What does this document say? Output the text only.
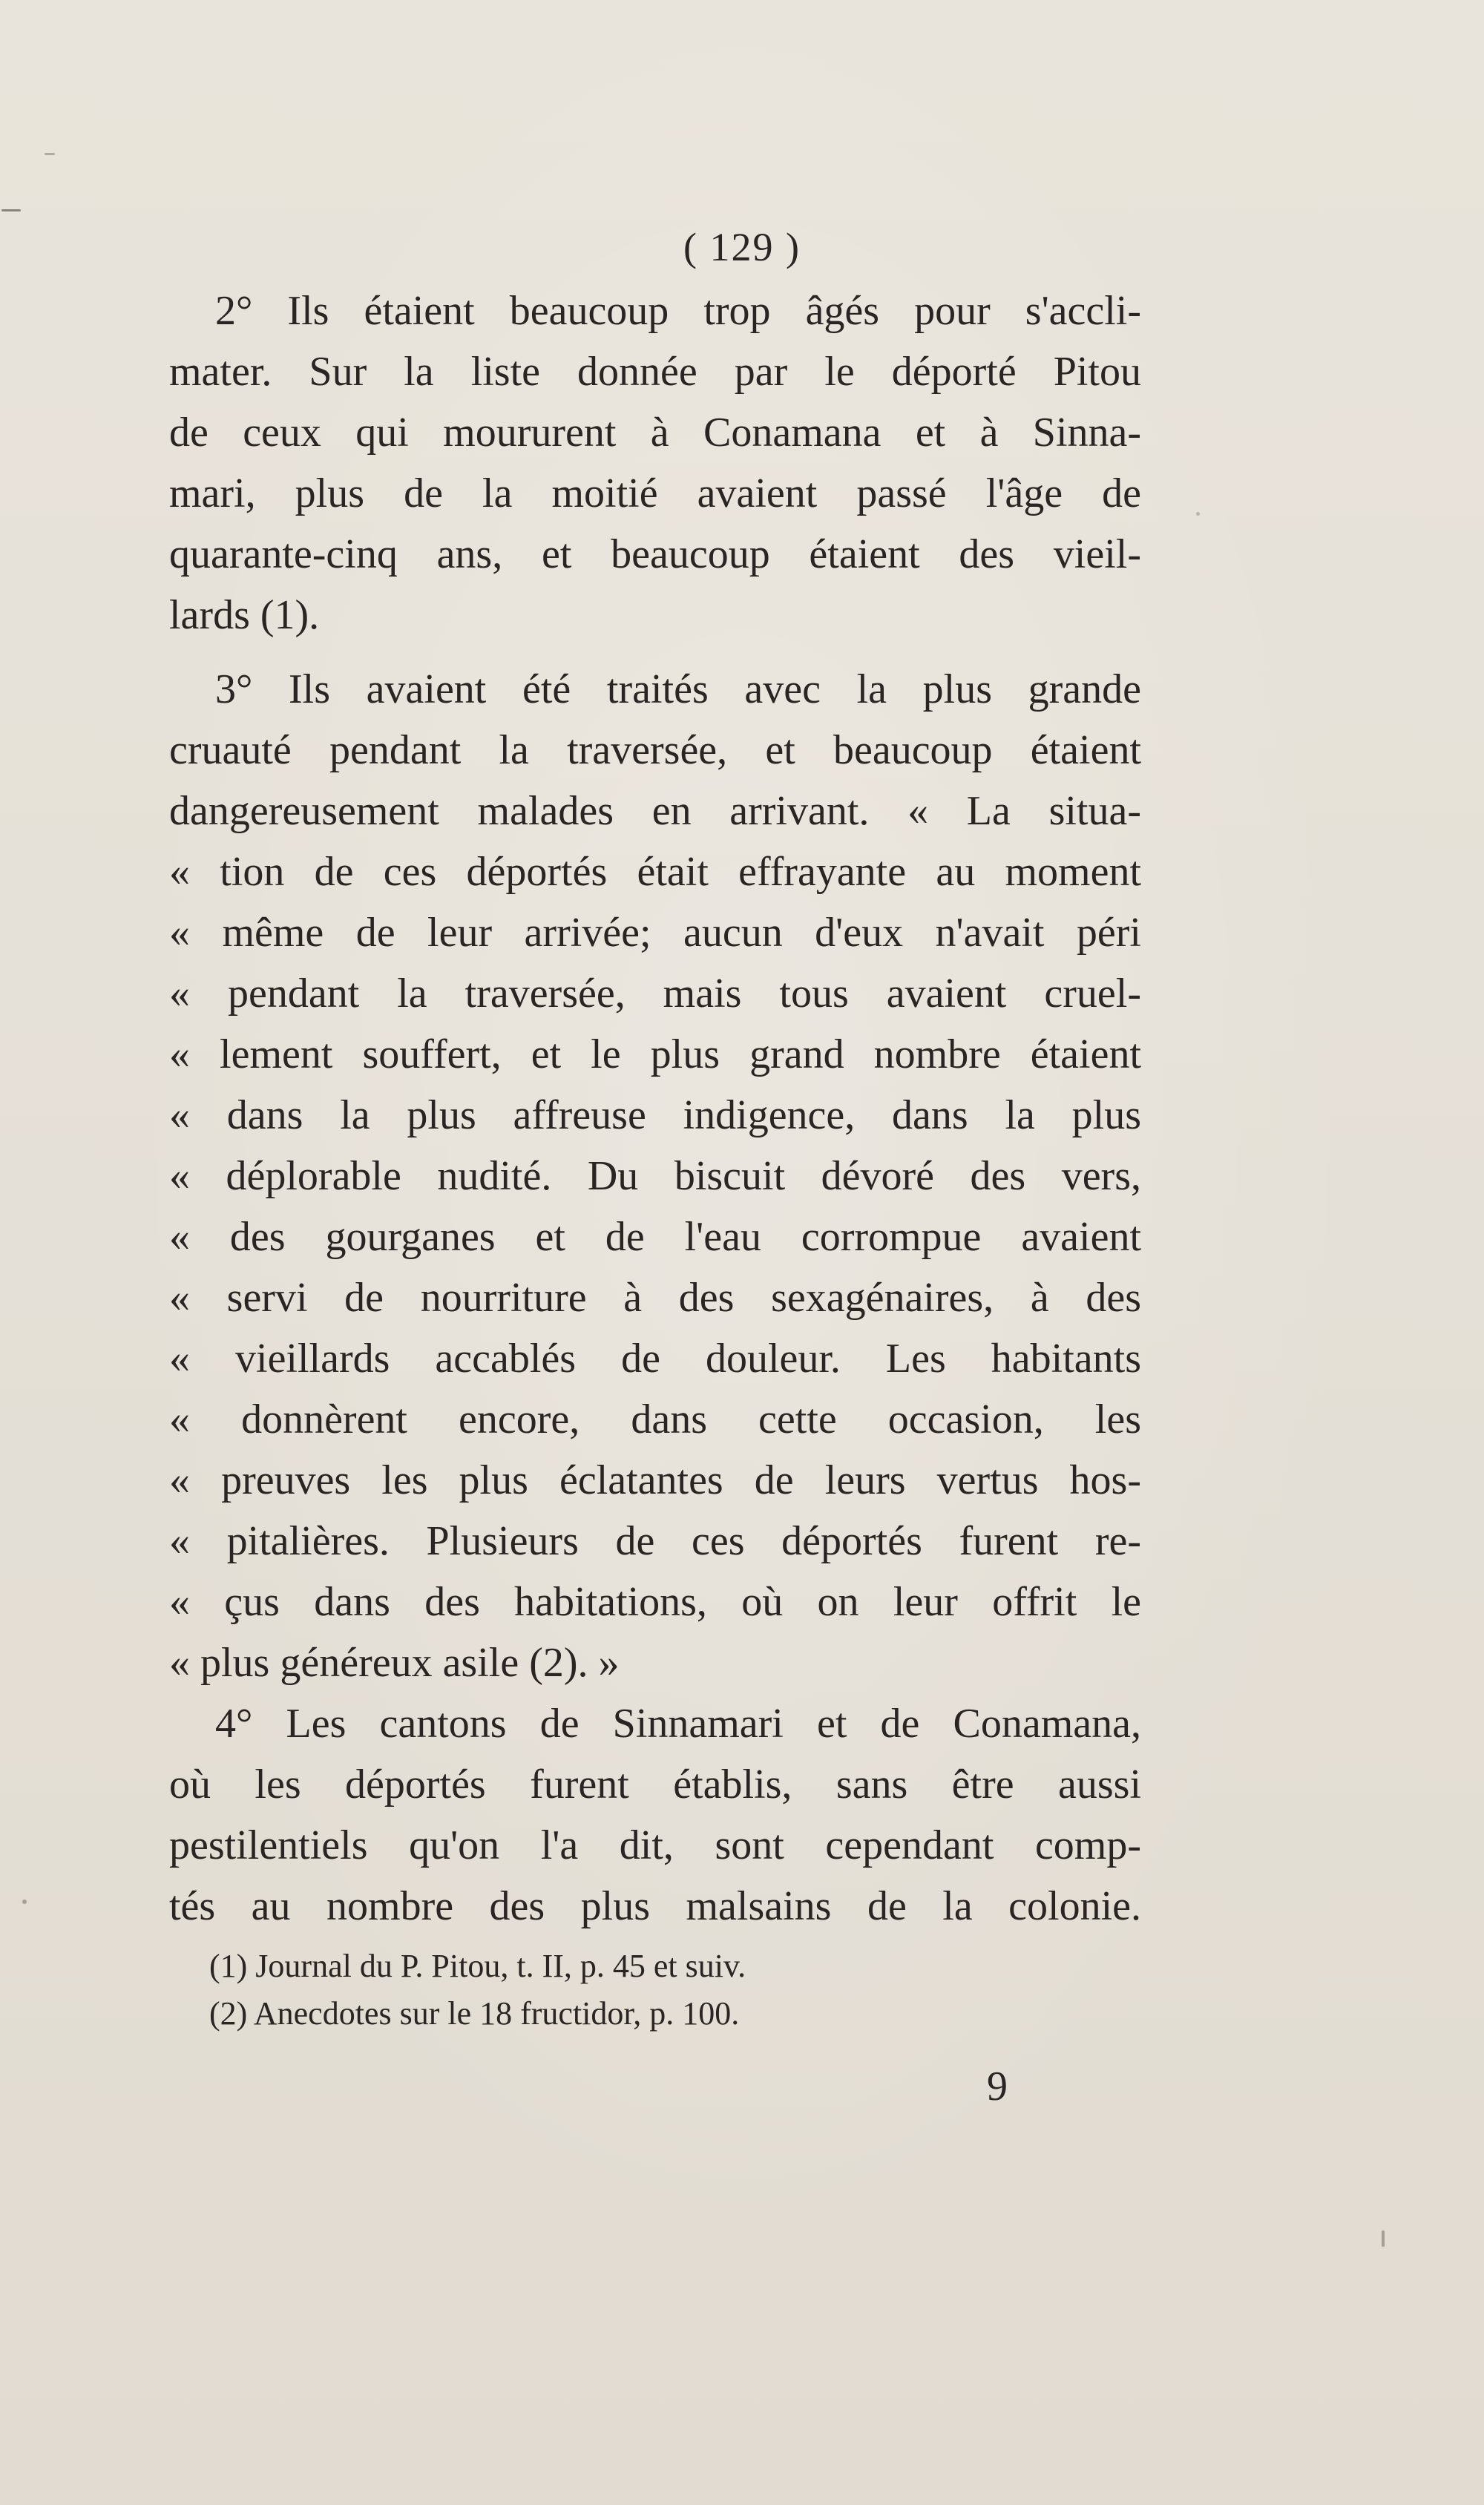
( 129 )
2° Ils étaient beaucoup trop âgés pour s'accli-
mater. Sur la liste donnée par le déporté Pitou
de ceux qui moururent à Conamana et à Sinna-
mari, plus de la moitié avaient passé l'âge de
quarante-cinq ans, et beaucoup étaient des vieil-
lards (1).
3° Ils avaient été traités avec la plus grande
cruauté pendant la traversée, et beaucoup étaient
dangereusement malades en arrivant. « La situa-
« tion de ces déportés était effrayante au moment
« même de leur arrivée; aucun d'eux n'avait péri
« pendant la traversée, mais tous avaient cruel-
« lement souffert, et le plus grand nombre étaient
« dans la plus affreuse indigence, dans la plus
« déplorable nudité. Du biscuit dévoré des vers,
« des gourganes et de l'eau corrompue avaient
« servi de nourriture à des sexagénaires, à des
« vieillards accablés de douleur. Les habitants
« donnèrent encore, dans cette occasion, les
« preuves les plus éclatantes de leurs vertus hos-
« pitalières. Plusieurs de ces déportés furent re-
« çus dans des habitations, où on leur offrit le
« plus généreux asile (2). »
4° Les cantons de Sinnamari et de Conamana,
où les déportés furent établis, sans être aussi
pestilentiels qu'on l'a dit, sont cependant comp-
tés au nombre des plus malsains de la colonie.
(1) Journal du P. Pitou, t. II, p. 45 et suiv.
(2) Anecdotes sur le 18 fructidor, p. 100.
9
